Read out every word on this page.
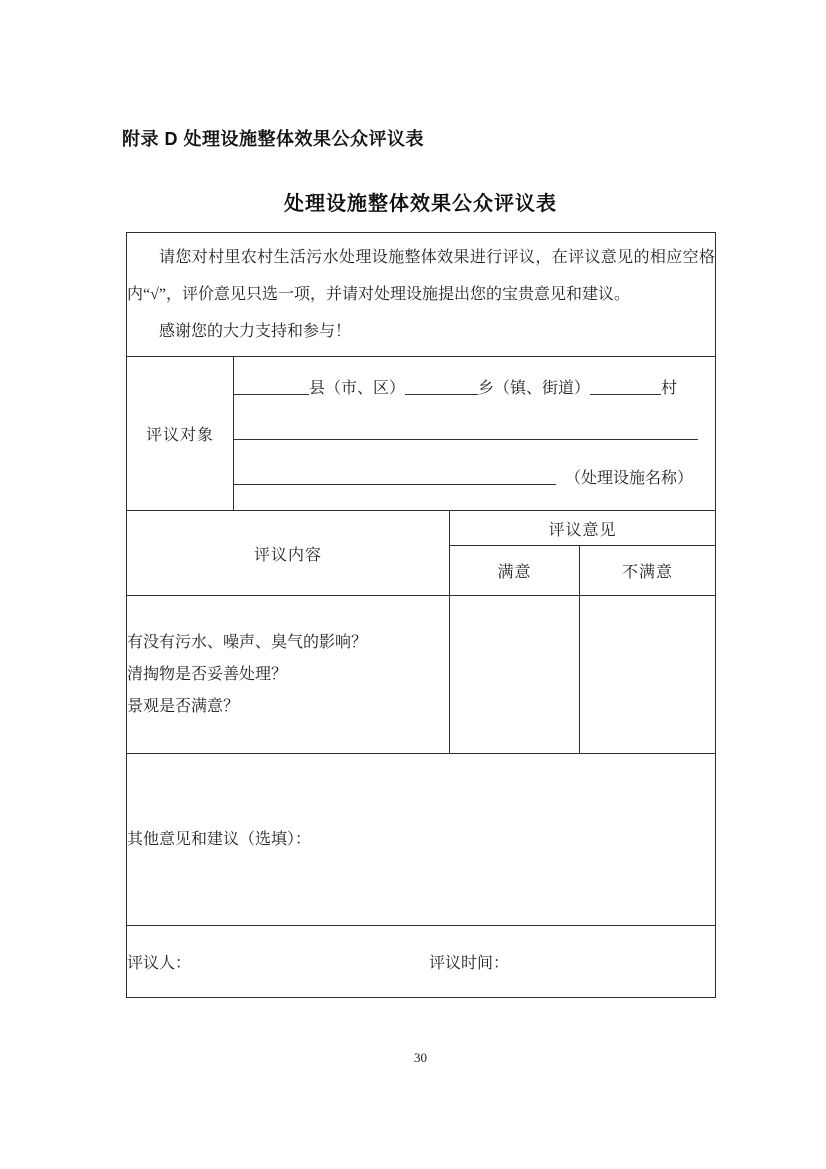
附录 D 处理设施整体效果公众评议表
处理设施整体效果公众评议表

请您对村里农村生活污水处理设施整体效果进行评议，在评议意见的相应空格内“√”，评价意见只选一项，并请对处理设施提出您的宝贵意见和建议。

感谢您的大力支持和参与！			

评议对象	县（市、区） 乡（镇、街道） 村
（处理设施名称）		

评议内容		评议意见	
		满意	不满意

有没有污水、噪声、臭气的影响？

清掏物是否妥善处理？

景观是否满意？			

其他意见和建议（选填）：			

评议人： 评议时间：			
30
